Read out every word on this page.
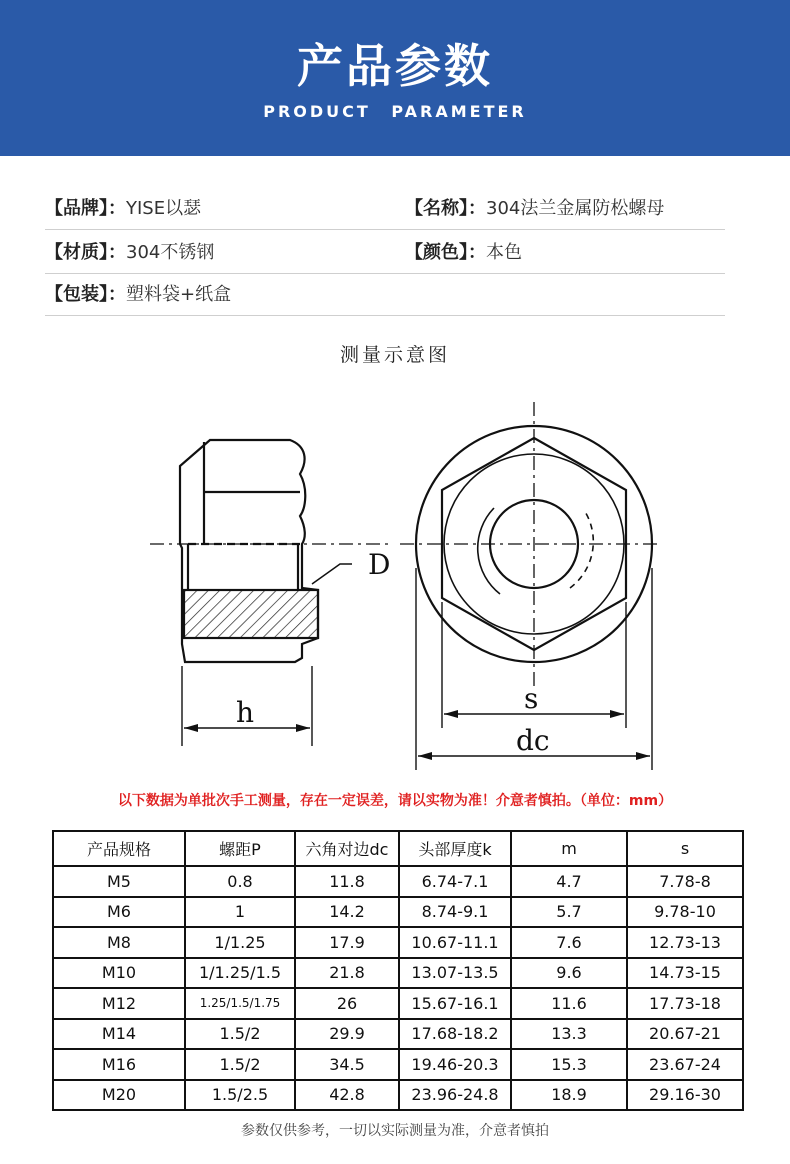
产品参数
PRODUCT PARAMETER
【品牌】：YISE以瑟	【名称】：304法兰金属防松螺母
【材质】：304不锈钢	【颜色】：本色
【包装】：塑料袋+纸盒
测量示意图
D
h	s
dc
以下数据为单批次手工测量，存在一定误差，请以实物为准！介意者慎拍。（单位：mm）
产品规格	螺距P	六角对边dc	头部厚度k	m	s
M5	0.8	11.8	6.74-7.1	4.7	7.78-8
M6	1	14.2	8.74-9.1	5.7	9.78-10
M8	1/1.25	17.9	10.67-11.1	7.6	12.73-13
M10	1/1.25/1.5	21.8	13.07-13.5	9.6	14.73-15
M12	1.25/1.5/1.75	26	15.67-16.1	11.6	17.73-18
M14	1.5/2	29.9	17.68-18.2	13.3	20.67-21
M16	1.5/2	34.5	19.46-20.3	15.3	23.67-24
M20	1.5/2.5	42.8	23.96-24.8	18.9	29.16-30
参数仅供参考，一切以实际测量为准，介意者慎拍
